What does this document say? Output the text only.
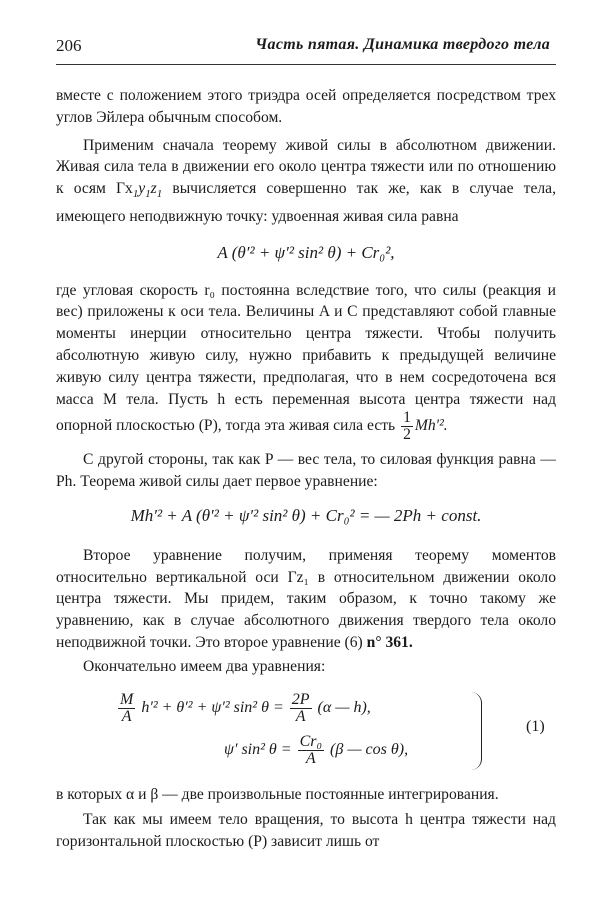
206	Часть пятая. Динамика твердого тела

вместе с положением этого триэдра осей определяется посредством трех углов Эйлера обычным способом.

Применим сначала теорему живой силы в абсолютном движении. Живая сила тела в движении его около центра тяжести или по отношению к осям $\Gamma x_1y_1z_1$ вычисляется совершенно так же, как в случае тела, имеющего неподвижную точку: удвоенная живая сила равна

A (θ′² + ψ′² sin² θ) + Cr₀²,

где угловая скорость r₀ постоянна вследствие того, что силы (реакция и вес) приложены к оси тела. Величины A и C представляют собой главные моменты инерции относительно центра тяжести. Чтобы получить абсолютную живую силу, нужно прибавить к предыдущей величине живую силу центра тяжести, предполагая, что в нем сосредоточена вся масса M тела. Пусть h есть переменная высота центра тяжести над опорной плоскостью (P), тогда эта живая сила есть $\frac{1}{2} Mh'^2$.

С другой стороны, так как P — вес тела, то силовая функция равна — Ph. Теорема живой силы дает первое уравнение:

Mh′² + A (θ′² + ψ′² sin² θ) + Cr₀² = — 2Ph + const.

Второе уравнение получим, применяя теорему моментов относительно вертикальной оси Γz₁ в относительном движении около центра тяжести. Мы придем, таким образом, к точно такому же уравнению, как в случае абсолютного движения твердого тела около неподвижной точки. Это второе уравнение (6) n° 361.

Окончательно имеем два уравнения:

$\frac{M}{A} h'^2 + \theta'^2 + \psi'^2$ sin² $\theta = \frac{2P}{A} (\alpha$ — h),
ψ′ sin² $\theta = \frac{\text{Cr₀}}{A} (\beta$ — cos θ),
(1)

в которых α и β — две произвольные постоянные интегрирования.

Так как мы имеем тело вращения, то высота h центра тяжести над горизонтальной плоскостью (P) зависит лишь от
